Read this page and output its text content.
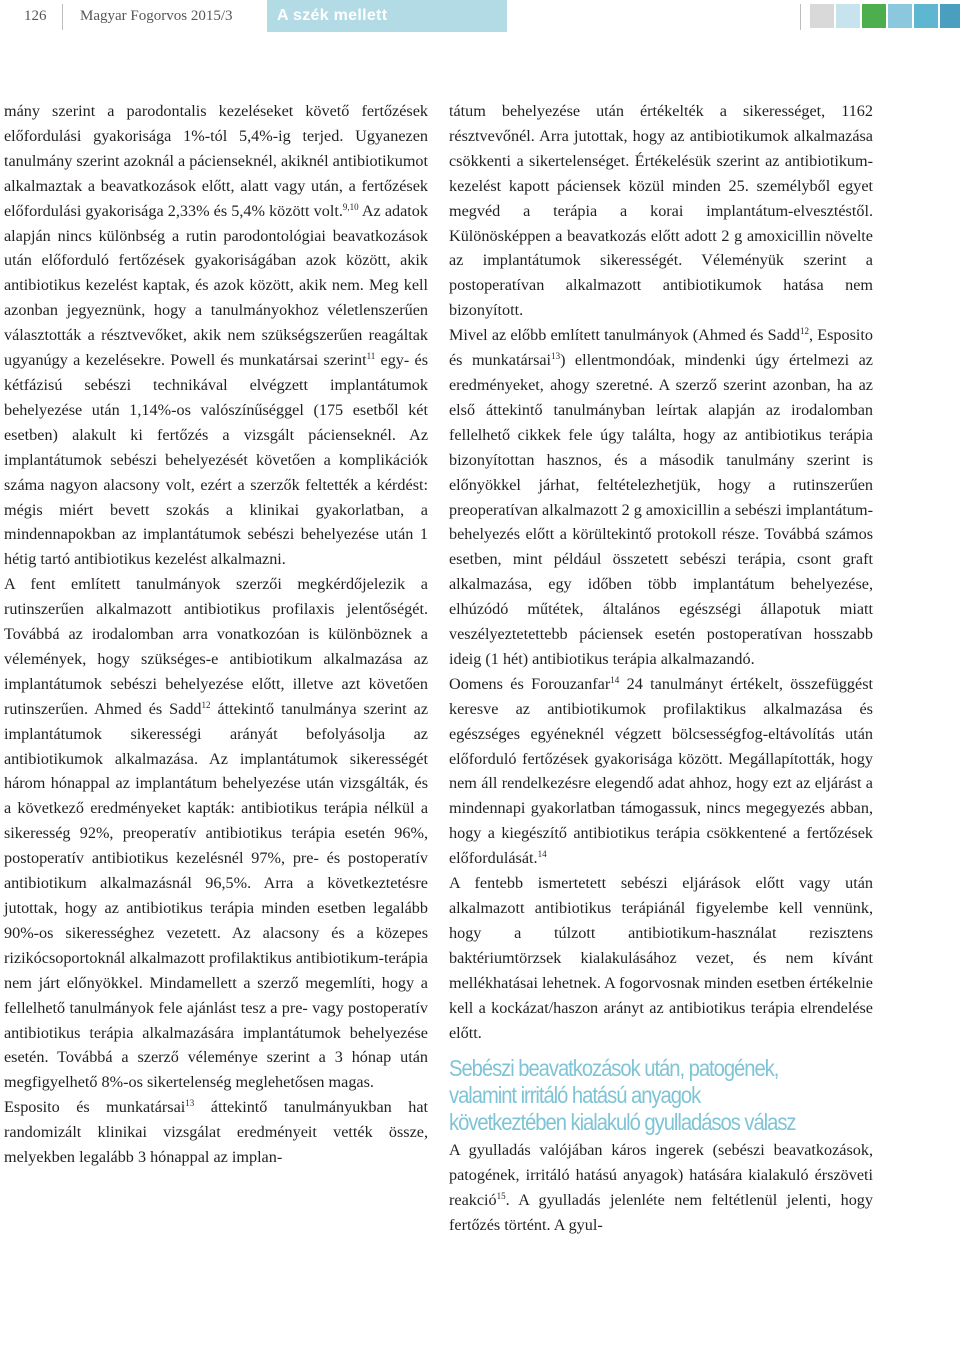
126 Magyar Fogorvos 2015/3	A szék mellett

mány szerint a parodontalis kezeléseket követő fertőzések előfordulási gyakorisága 1%-tól 5,4%-ig terjed. Ugyanezen tanulmány szerint azoknál a pácienseknél, akiknél antibiotikumot alkalmaztak a beavatkozások előtt, alatt vagy után, a fertőzések előfordulási gyakorisága 2,33% és 5,4% között volt.$^{9,10}$ Az adatok alapján nincs különbség a rutin parodontológiai beavatkozások után előforduló fertőzések gyakoriságában azok között, akik antibiotikus kezelést kaptak, és azok között, akik nem. Meg kell azonban jegyeznünk, hogy a tanulmányokhoz véletlenszerűen választották a résztvevőket, akik nem szükségszerűen reagáltak ugyanúgy a kezelésekre. Powell és munkatársai szerint$^{11}$ egy- és kétfázisú sebészi technikával elvégzett implantátumok behelyezése után 1,14%-os valószínűséggel (175 esetből két esetben) alakult ki fertőzés a vizsgált pácienseknél. Az implantátumok sebészi behelyezését követően a komplikációk száma nagyon alacsony volt, ezért a szerzők feltették a kérdést: mégis miért bevett szokás a klinikai gyakorlatban, a mindennapokban az implantátumok sebészi behelyezése után 1 hétig tartó antibiotikus kezelést alkalmazni.

A fent említett tanulmányok szerzői megkérdőjelezik a rutinszerűen alkalmazott antibiotikus profilaxis jelentőségét. Továbbá az irodalomban arra vonatkozóan is különböznek a vélemények, hogy szükséges-e antibiotikum alkalmazása az implantátumok sebészi behelyezése előtt, illetve azt követően rutinszerűen. Ahmed és Sadd$^{12}$ áttekintő tanulmánya szerint az implantátumok sikerességi arányát befolyásolja az antibiotikumok alkalmazása. Az implantátumok sikerességét három hónappal az implantátum behelyezése után vizsgálták, és a következő eredményeket kapták: antibiotikus terápia nélkül a sikeresség 92%, preoperatív antibiotikus terápia esetén 96%, postoperatív antibiotikus kezelésnél 97%, pre- és postoperatív antibiotikum alkalmazásnál 96,5%. Arra a következtetésre jutottak, hogy az antibiotikus terápia minden esetben legalább 90%-os sikerességhez vezetett. Az alacsony és a közepes rizikócsoportoknál alkalmazott profilaktikus antibiotikum-terápia nem járt előnyökkel. Mindamellett a szerző megemlíti, hogy a fellelhető tanulmányok fele ajánlást tesz a pre- vagy postoperatív antibiotikus terápia alkalmazására implantátumok behelyezése esetén. Továbbá a szerző véleménye szerint a 3 hónap után megfigyelhető 8%-os sikertelenség meglehetősen magas.

Esposito és munkatársai$^{13}$ áttekintő tanulmányukban hat randomizált klinikai vizsgálat eredményeit vették össze, melyekben legalább 3 hónappal az implan-

tátum behelyezése után értékelték a sikerességet, 1162 résztvevőnél. Arra jutottak, hogy az antibiotikumok alkalmazása csökkenti a sikertelenséget. Értékelésük szerint az antibiotikum-kezelést kapott páciensek közül minden 25. személyből egyet megvéd a terápia a korai implantátum-elvesztéstől. Különösképpen a beavatkozás előtt adott 2 g amoxicillin növelte az implantátumok sikerességét. Véleményük szerint a postoperatívan alkalmazott antibiotikumok hatása nem bizonyított.

Mivel az előbb említett tanulmányok (Ahmed és Sadd$^{12}$, Esposito és munkatársai$^{13}$) ellentmondóak, mindenki úgy értelmezi az eredményeket, ahogy szeretné. A szerző szerint azonban, ha az első áttekintő tanulmányban leírtak alapján az irodalomban fellelhető cikkek fele úgy találta, hogy az antibiotikus terápia bizonyítottan hasznos, és a második tanulmány szerint is előnyökkel járhat, feltételezhetjük, hogy a rutinszerűen preoperatívan alkalmazott 2 g amoxicillin a sebészi implantátum-behelyezés előtt a körültekintő protokoll része. Továbbá számos esetben, mint például összetett sebészi terápia, csont graft alkalmazása, egy időben több implantátum behelyezése, elhúzódó műtétek, általános egészségi állapotuk miatt veszélyeztetettebb páciensek esetén postoperatívan hosszabb ideig (1 hét) antibiotikus terápia alkalmazandó.

Oomens és Forouzanfar$^{14}$ 24 tanulmányt értékelt, összefüggést keresve az antibiotikumok profilaktikus alkalmazása és egészséges egyéneknél végzett bölcsességfog-eltávolítás után előforduló fertőzések gyakorisága között. Megállapították, hogy nem áll rendelkezésre elegendő adat ahhoz, hogy ezt az eljárást a mindennapi gyakorlatban támogassuk, nincs megegyezés abban, hogy a kiegészítő antibiotikus terápia csökkentené a fertőzések előfordulását.$^{14}$

A fentebb ismertetett sebészi eljárások előtt vagy után alkalmazott antibiotikus terápiánál figyelembe kell vennünk, hogy a túlzott antibiotikum-használat rezisztens baktériumtörzsek kialakulásához vezet, és nem kívánt mellékhatásai lehetnek. A fogorvosnak minden esetben értékelnie kell a kockázat/haszon arányt az antibiotikus terápia elrendelése előtt.

Sebészi beavatkozások után, patogének,
valamint irritáló hatású anyagok
következtében kialakuló gyulladásos válasz

A gyulladás valójában káros ingerek (sebészi beavatkozások, patogének, irritáló hatású anyagok) hatására kialakuló érszöveti reakció$^{15}$. A gyulladás jelenléte nem feltétlenül jelenti, hogy fertőzés történt. A gyul-
